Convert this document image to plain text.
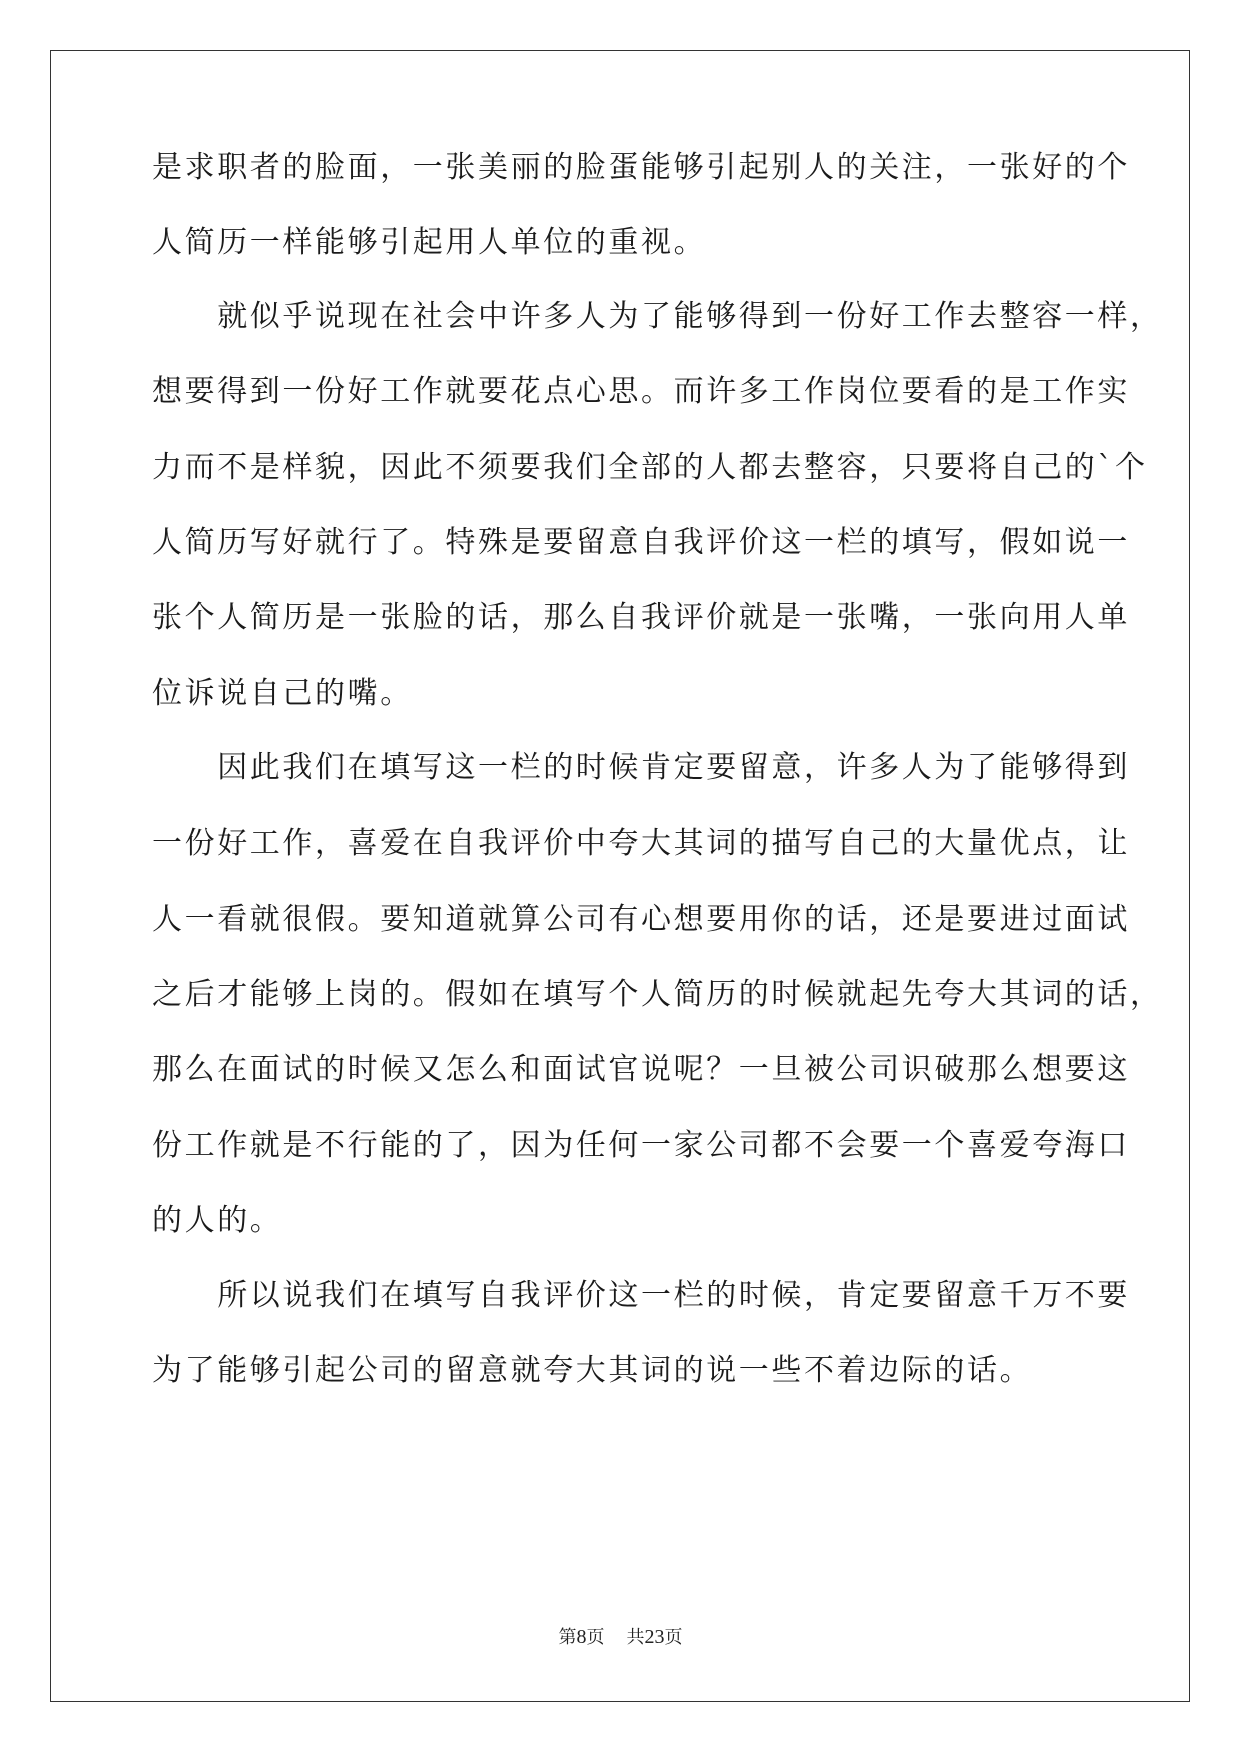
是求职者的脸面，一张美丽的脸蛋能够引起别人的关注，一张好的个
人简历一样能够引起用人单位的重视。
　　就似乎说现在社会中许多人为了能够得到一份好工作去整容一样，
想要得到一份好工作就要花点心思。而许多工作岗位要看的是工作实
力而不是样貌，因此不须要我们全部的人都去整容，只要将自己的`个
人简历写好就行了。特殊是要留意自我评价这一栏的填写，假如说一
张个人简历是一张脸的话，那么自我评价就是一张嘴，一张向用人单
位诉说自己的嘴。
　　因此我们在填写这一栏的时候肯定要留意，许多人为了能够得到
一份好工作，喜爱在自我评价中夸大其词的描写自己的大量优点，让
人一看就很假。要知道就算公司有心想要用你的话，还是要进过面试
之后才能够上岗的。假如在填写个人简历的时候就起先夸大其词的话，
那么在面试的时候又怎么和面试官说呢？一旦被公司识破那么想要这
份工作就是不行能的了，因为任何一家公司都不会要一个喜爱夸海口
的人的。
　　所以说我们在填写自我评价这一栏的时候，肯定要留意千万不要
为了能够引起公司的留意就夸大其词的说一些不着边际的话。
第8页 共23页
